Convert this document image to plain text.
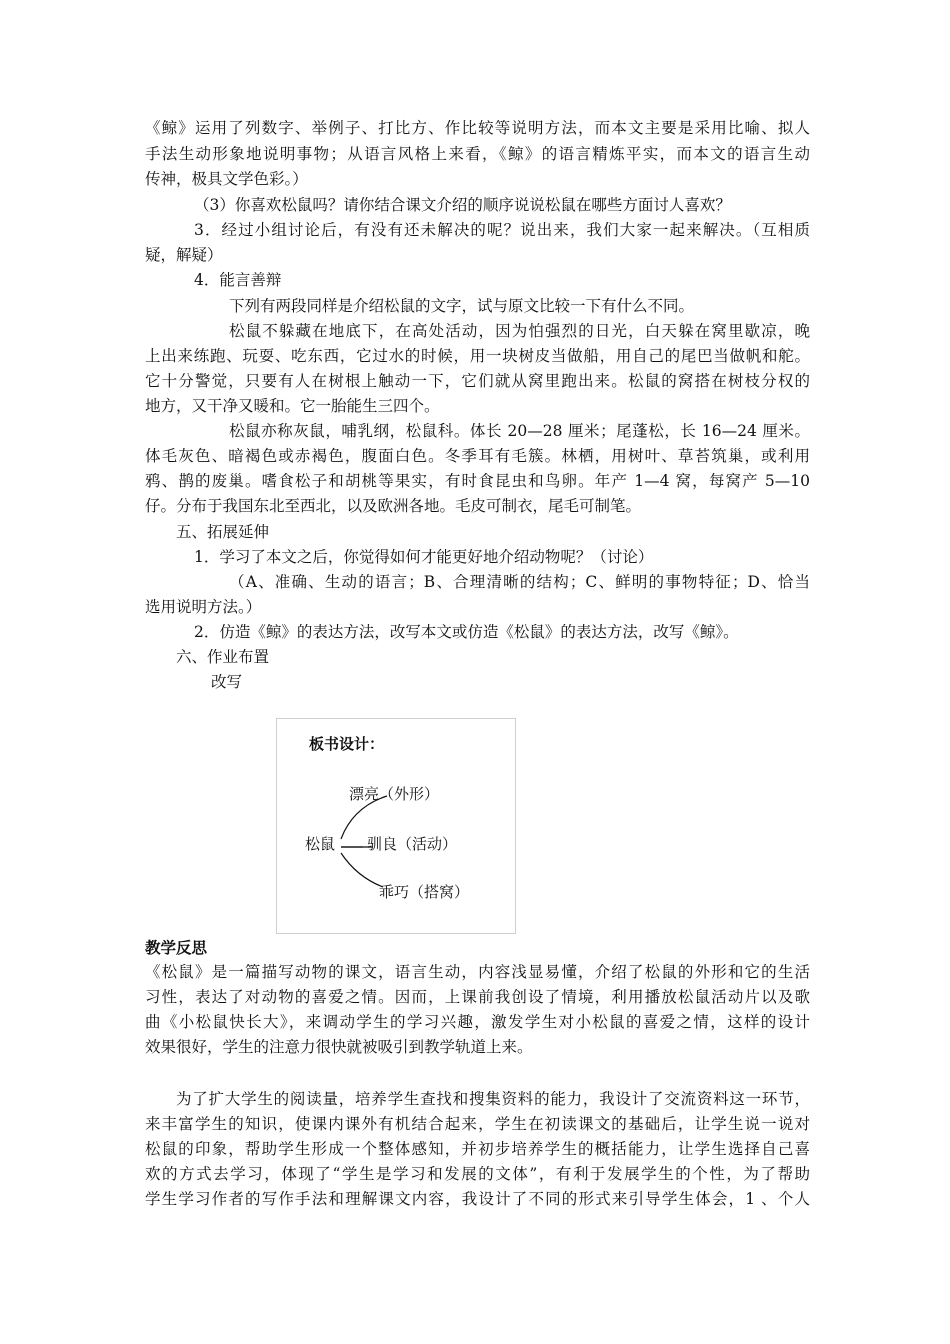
《鲸》运用了列数字、举例子、打比方、作比较等说明方法，而本文主要是采用比喻、拟人
手法生动形象地说明事物；从语言风格上来看，《鲸》的语言精炼平实，而本文的语言生动
传神，极具文学色彩。）
（3）你喜欢松鼠吗？请你结合课文介绍的顺序说说松鼠在哪些方面讨人喜欢？
3．经过小组讨论后，有没有还未解决的呢？说出来，我们大家一起来解决。（互相质
疑，解疑）
4．能言善辩
下列有两段同样是介绍松鼠的文字，试与原文比较一下有什么不同。
松鼠不躲藏在地底下，在高处活动，因为怕强烈的日光，白天躲在窝里歇凉，晚
上出来练跑、玩耍、吃东西，它过水的时候，用一块树皮当做船，用自己的尾巴当做帆和舵。
它十分警觉，只要有人在树根上触动一下，它们就从窝里跑出来。松鼠的窝搭在树枝分权的
地方，又干净又暖和。它一胎能生三四个。
松鼠亦称灰鼠，哺乳纲，松鼠科。体长 20—28 厘米；尾蓬松，长 16—24 厘米。
体毛灰色、暗褐色或赤褐色，腹面白色。冬季耳有毛簇。林栖，用树叶、草苔筑巢，或利用
鸦、鹊的废巢。嗜食松子和胡桃等果实，有时食昆虫和鸟卵。年产 1—4 窝，每窝产 5—10
仔。分布于我国东北至西北，以及欧洲各地。毛皮可制衣，尾毛可制笔。
五、拓展延伸
1．学习了本文之后，你觉得如何才能更好地介绍动物呢？（讨论）
（A、准确、生动的语言；B、合理清晰的结构；C、鲜明的事物特征；D、恰当
选用说明方法。）
2．仿造《鲸》的表达方法，改写本文或仿造《松鼠》的表达方法，改写《鲸》。
六、作业布置
改写
板书设计：
松鼠
漂亮（外形）
驯良（活动）
乖巧（搭窝）
教学反思
《松鼠》是一篇描写动物的课文，语言生动，内容浅显易懂，介绍了松鼠的外形和它的生活
习性，表达了对动物的喜爱之情。因而，上课前我创设了情境，利用播放松鼠活动片以及歌
曲《小松鼠快长大》，来调动学生的学习兴趣，激发学生对小松鼠的喜爱之情，这样的设计
效果很好，学生的注意力很快就被吸引到教学轨道上来。
为了扩大学生的阅读量，培养学生查找和搜集资料的能力，我设计了交流资料这一环节，
来丰富学生的知识，使课内课外有机结合起来，学生在初读课文的基础后，让学生说一说对
松鼠的印象，帮助学生形成一个整体感知，并初步培养学生的概括能力，让学生选择自己喜
欢的方式去学习，体现了“学生是学习和发展的文体”，有利于发展学生的个性，为了帮助
学生学习作者的写作手法和理解课文内容，我设计了不同的形式来引导学生体会，1 、个人
